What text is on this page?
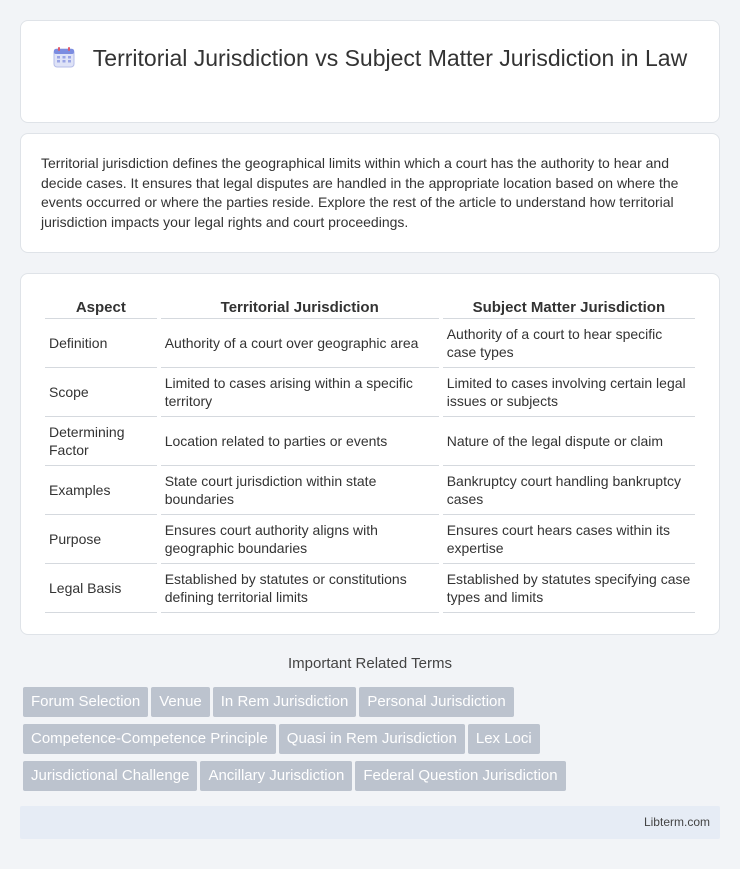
Territorial Jurisdiction vs Subject Matter Jurisdiction in Law

Territorial jurisdiction defines the geographical limits within which a court has the authority to hear and decide cases. It ensures that legal disputes are handled in the appropriate location based on where the events occurred or where the parties reside. Explore the rest of the article to understand how territorial jurisdiction impacts your legal rights and court proceedings.

Aspect	Territorial Jurisdiction	Subject Matter Jurisdiction
Definition	Authority of a court over geographic area	Authority of a court to hear specific case types
Scope	Limited to cases arising within a specific territory	Limited to cases involving certain legal issues or subjects
Determining Factor	Location related to parties or events	Nature of the legal dispute or claim
Examples	State court jurisdiction within state boundaries	Bankruptcy court handling bankruptcy cases
Purpose	Ensures court authority aligns with geographic boundaries	Ensures court hears cases within its expertise
Legal Basis	Established by statutes or constitutions defining territorial limits	Established by statutes specifying case types and limits
Important Related Terms
Forum Selection Venue In Rem Jurisdiction Personal Jurisdiction
Competence-Competence Principle Quasi in Rem Jurisdiction Lex Loci
Jurisdictional Challenge Ancillary Jurisdiction Federal Question Jurisdiction
Libterm.com
